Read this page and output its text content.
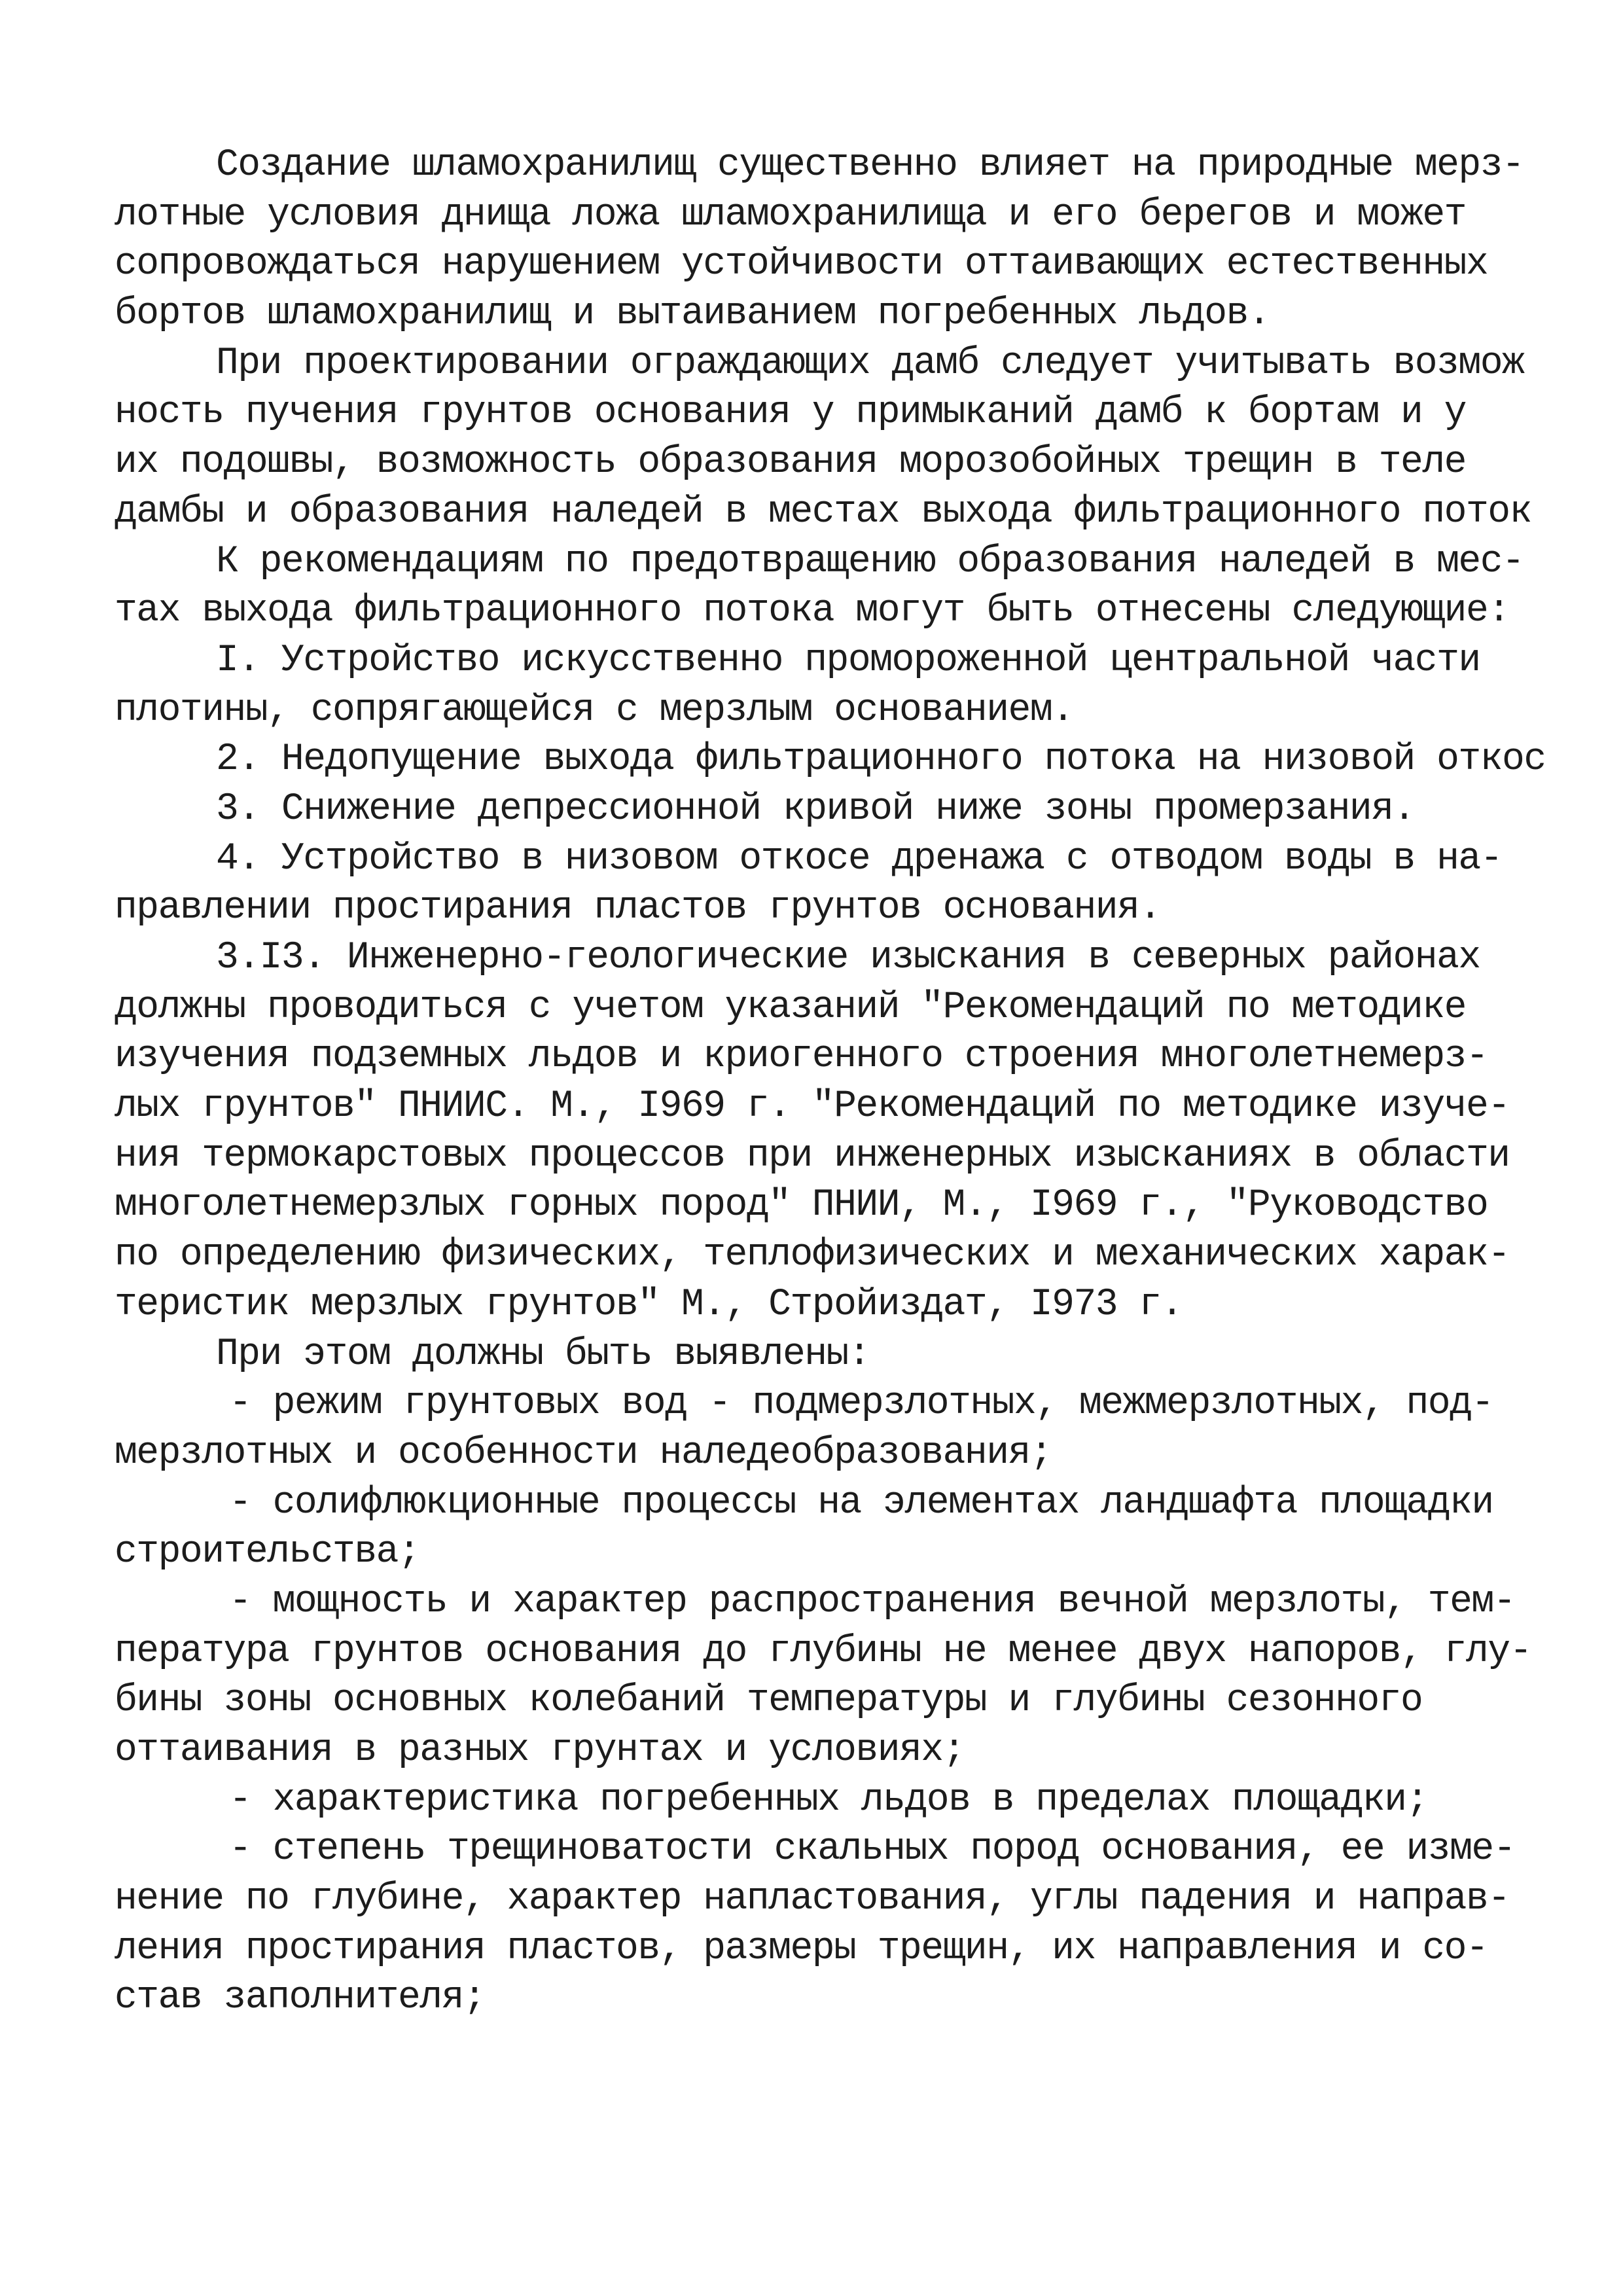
Создание шламохранилищ существенно влияет на природные мерз-
лотные условия днища ложа шламохранилища и его берегов и может
сопровождаться нарушением устойчивости оттаивающих естественных
бортов шламохранилищ и вытаиванием погребенных льдов.
При проектировании ограждающих дамб следует учитывать возмож
ность пучения грунтов основания у примыканий дамб к бортам и у
их подошвы, возможность образования морозобойных трещин в теле
дамбы и образования наледей в местах выхода фильтрационного поток
К рекомендациям по предотвращению образования наледей в мес-
тах выхода фильтрационного потока могут быть отнесены следующие:
I. Устройство искусственно промороженной центральной части
плотины, сопрягающейся с мерзлым основанием.
2. Недопущение выхода фильтрационного потока на низовой откос
3. Снижение депрессионной кривой ниже зоны промерзания.
4. Устройство в низовом откосе дренажа с отводом воды в на-
правлении простирания пластов грунтов основания.
3.I3. Инженерно-геологические изыскания в северных районах
должны проводиться с учетом указаний "Рекомендаций по методике
изучения подземных льдов и криогенного строения многолетнемерз-
лых грунтов" ПНИИС. М., I969 г. "Рекомендаций по методике изуче-
ния термокарстовых процессов при инженерных изысканиях в области
многолетнемерзлых горных пород" ПНИИ, М., I969 г., "Руководство
по определению физических, теплофизических и механических харак-
теристик мерзлых грунтов" М., Стройиздат, I973 г.
При этом должны быть выявлены:
- режим грунтовых вод - подмерзлотных, межмерзлотных, под-
мерзлотных и особенности наледеобразования;
- солифлюкционные процессы на элементах ландшафта площадки
строительства;
- мощность и характер распространения вечной мерзлоты, тем-
пература грунтов основания до глубины не менее двух напоров, глу-
бины зоны основных колебаний температуры и глубины сезонного
оттаивания в разных грунтах и условиях;
- характеристика погребенных льдов в пределах площадки;
- степень трещиноватости скальных пород основания, ее изме-
нение по глубине, характер напластования, углы падения и направ-
ления простирания пластов, размеры трещин, их направления и со-
став заполнителя;
